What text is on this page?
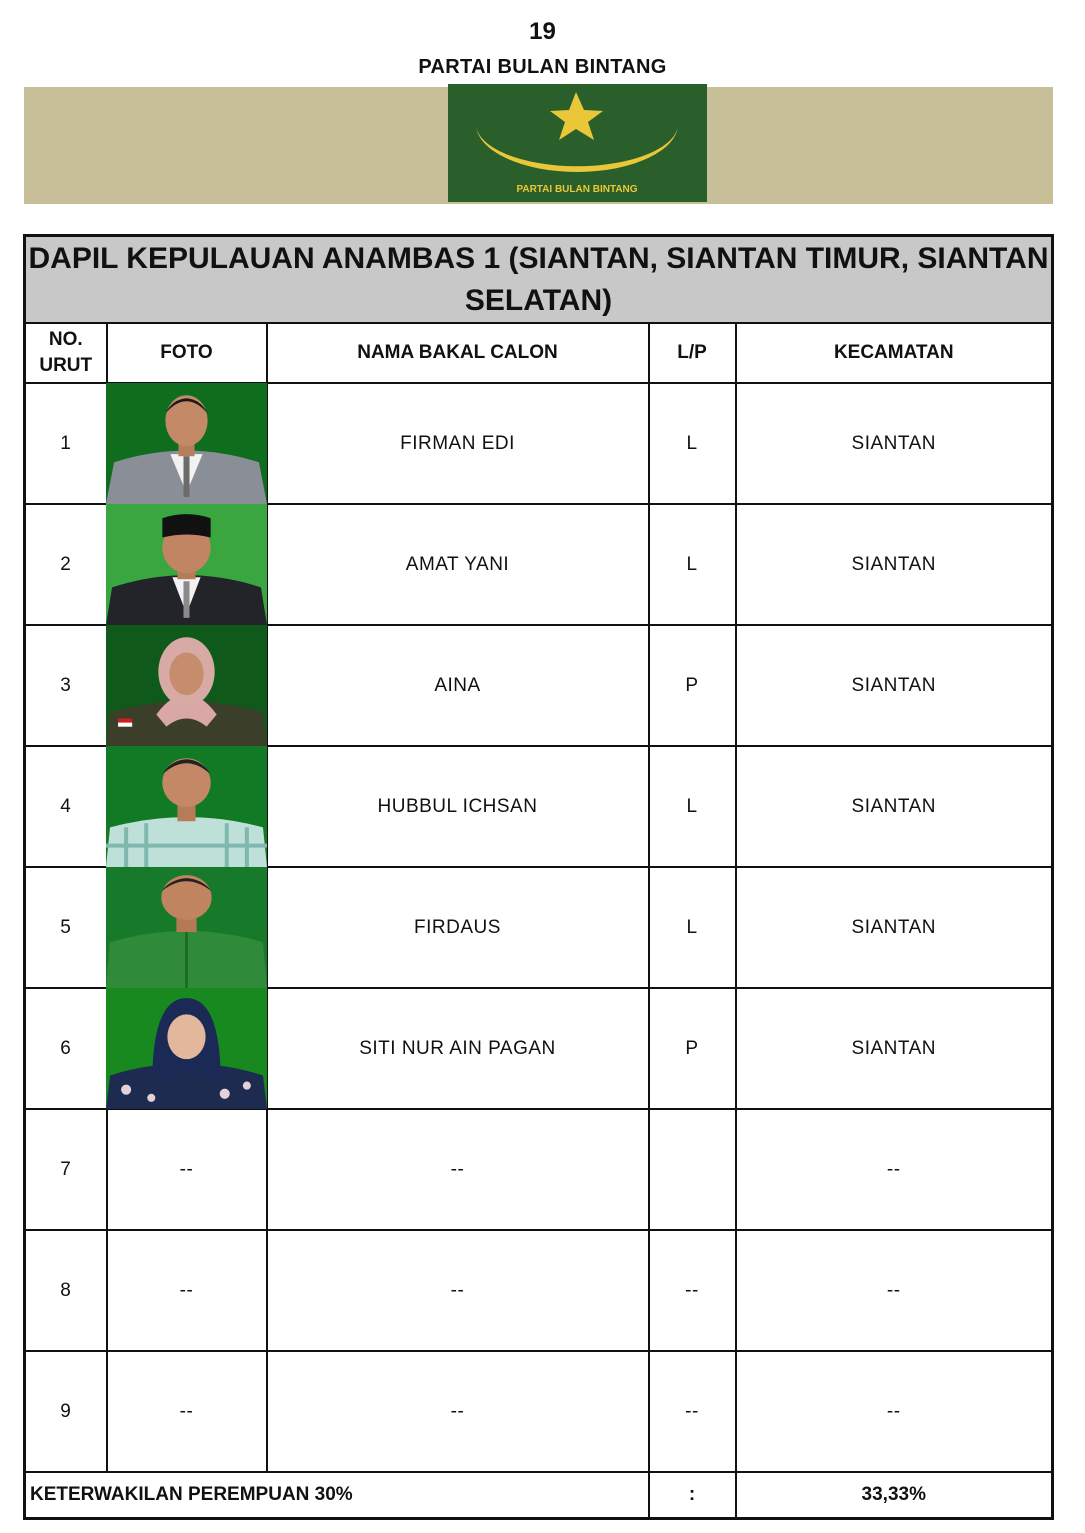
19
PARTAI BULAN BINTANG
PARTAI BULAN BINTANG
DAPIL KEPULAUAN ANAMBAS 1 (SIANTAN, SIANTAN TIMUR, SIANTAN SELATAN)				
NO.
URUT	FOTO	NAMA BAKAL CALON	L/P	KECAMATAN
1		FIRMAN EDI	L	SIANTAN
2		AMAT YANI	L	SIANTAN
3		AINA	P	SIANTAN
4		HUBBUL ICHSAN	L	SIANTAN
5		FIRDAUS	L	SIANTAN
6		SITI NUR AIN PAGAN	P	SIANTAN
7	--	--		--
8	--	--	--	--
9	--	--	--	--
KETERWAKILAN PEREMPUAN 30%			:	33,33%
